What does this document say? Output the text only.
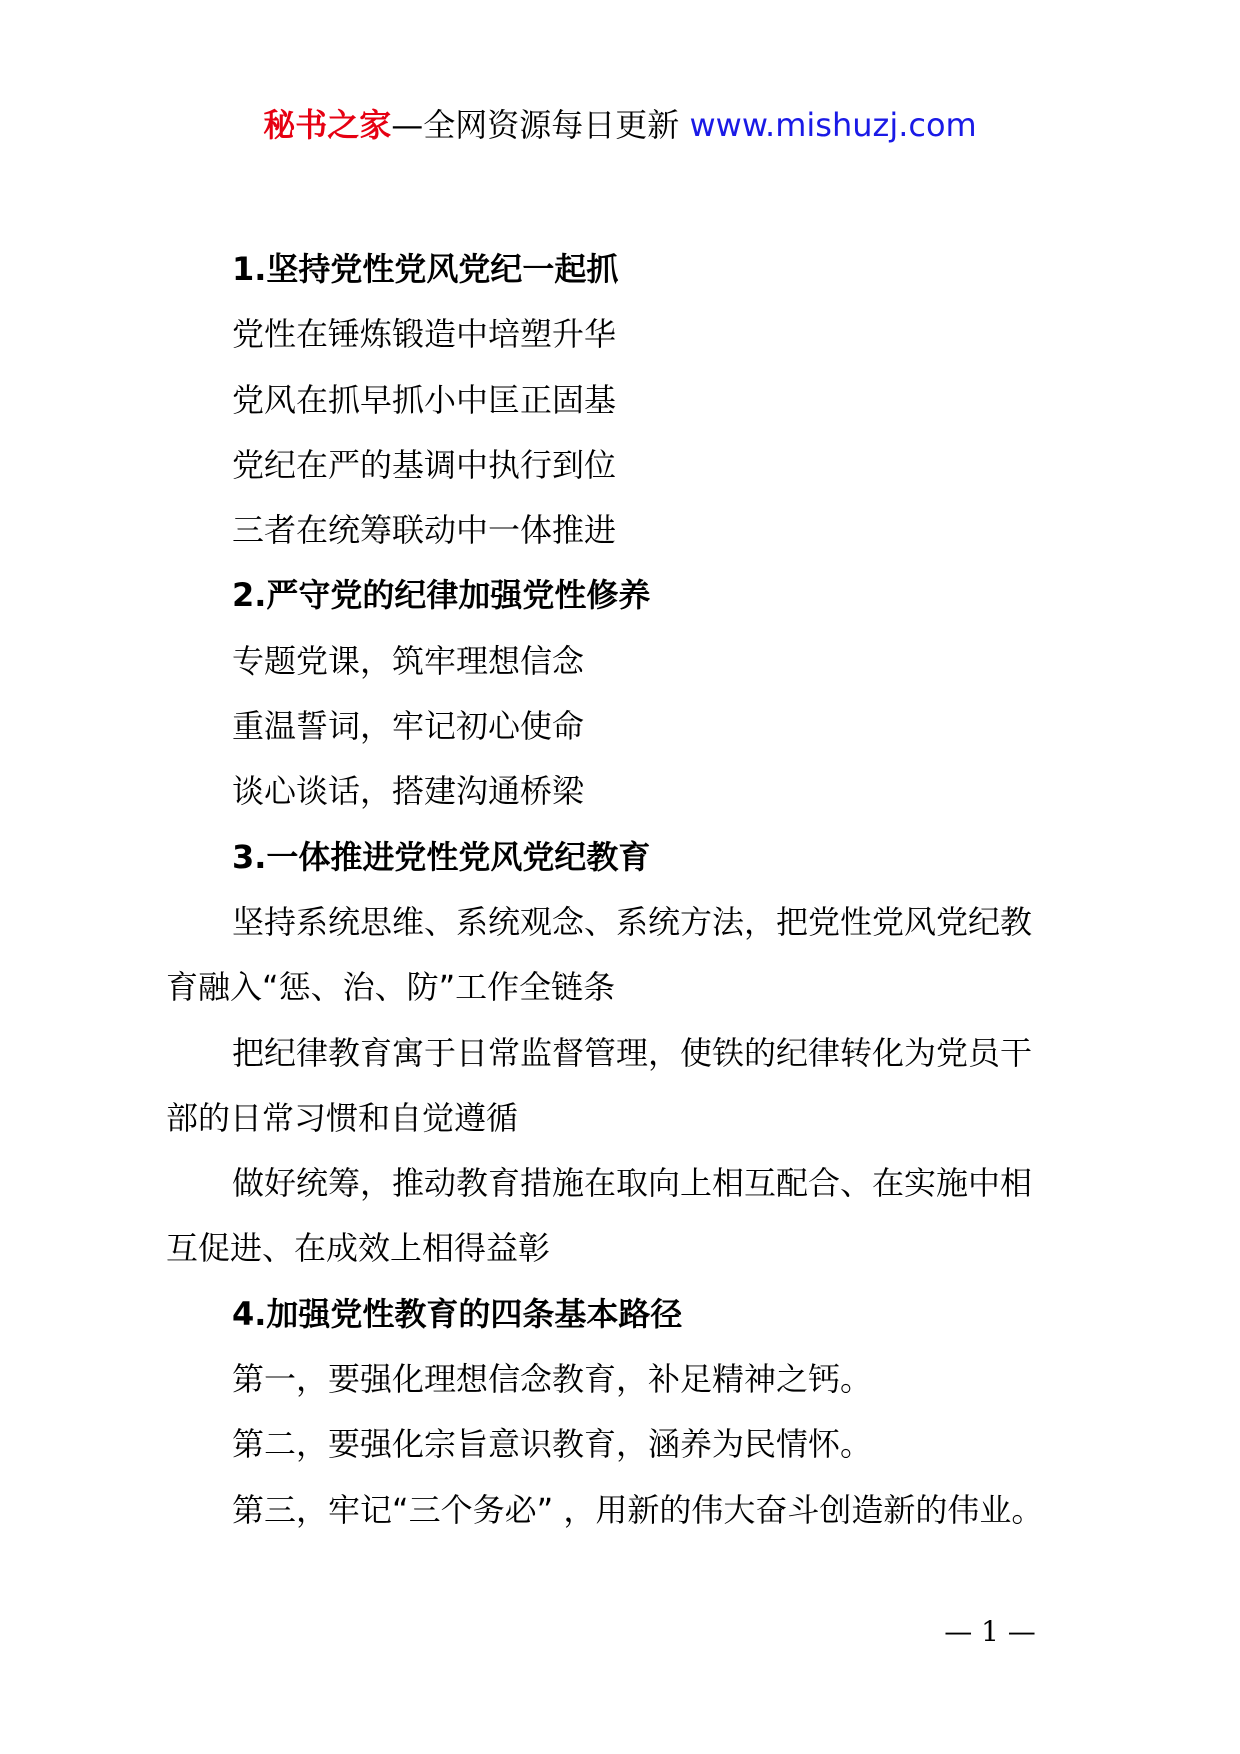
秘书之家—全网资源每日更新 www.mishuzj.com
1.坚持党性党风党纪一起抓
党性在锤炼锻造中培塑升华
党风在抓早抓小中匡正固基
党纪在严的基调中执行到位
三者在统筹联动中一体推进
2.严守党的纪律加强党性修养
专题党课，筑牢理想信念
重温誓词，牢记初心使命
谈心谈话，搭建沟通桥梁
3.一体推进党性党风党纪教育
坚持系统思维、系统观念、系统方法，把党性党风党纪教
育融入“惩、治、防”工作全链条
把纪律教育寓于日常监督管理，使铁的纪律转化为党员干
部的日常习惯和自觉遵循
做好统筹，推动教育措施在取向上相互配合、在实施中相
互促进、在成效上相得益彰
4.加强党性教育的四条基本路径
第一，要强化理想信念教育，补足精神之钙。
第二，要强化宗旨意识教育，涵养为民情怀。
第三，牢记“三个务必” ，用新的伟大奋斗创造新的伟业。
— 1 —
